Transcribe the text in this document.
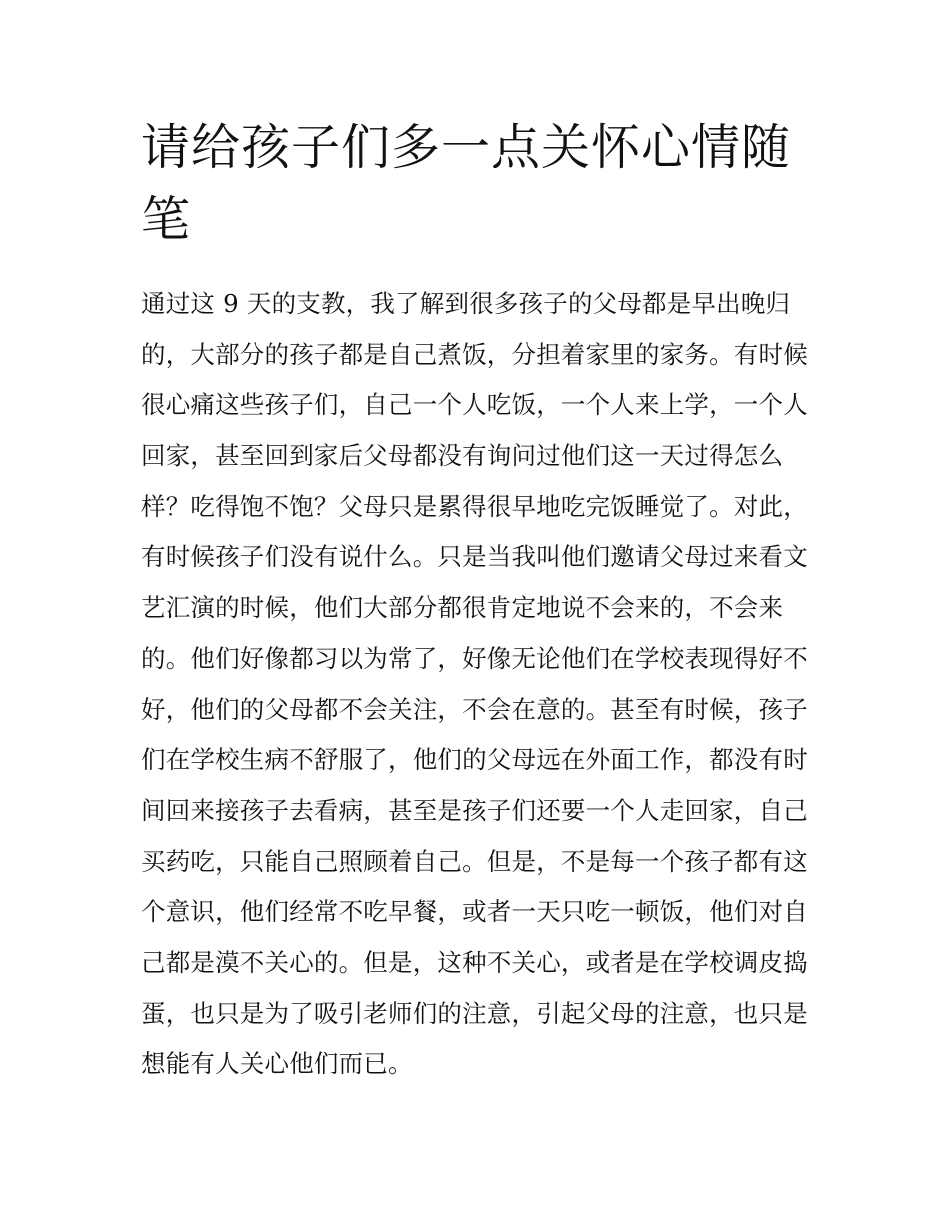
请给孩子们多一点关怀心情随
笔
通过这 9 天的支教，我了解到很多孩子的父母都是早出晚归
的，大部分的孩子都是自己煮饭，分担着家里的家务。有时候
很心痛这些孩子们，自己一个人吃饭，一个人来上学，一个人
回家，甚至回到家后父母都没有询问过他们这一天过得怎么
样？吃得饱不饱？父母只是累得很早地吃完饭睡觉了。对此，
有时候孩子们没有说什么。只是当我叫他们邀请父母过来看文
艺汇演的时候，他们大部分都很肯定地说不会来的，不会来
的。他们好像都习以为常了，好像无论他们在学校表现得好不
好，他们的父母都不会关注，不会在意的。甚至有时候，孩子
们在学校生病不舒服了，他们的父母远在外面工作，都没有时
间回来接孩子去看病，甚至是孩子们还要一个人走回家，自己
买药吃，只能自己照顾着自己。但是，不是每一个孩子都有这
个意识，他们经常不吃早餐，或者一天只吃一顿饭，他们对自
己都是漠不关心的。但是，这种不关心，或者是在学校调皮捣
蛋，也只是为了吸引老师们的注意，引起父母的注意，也只是
想能有人关心他们而已。
